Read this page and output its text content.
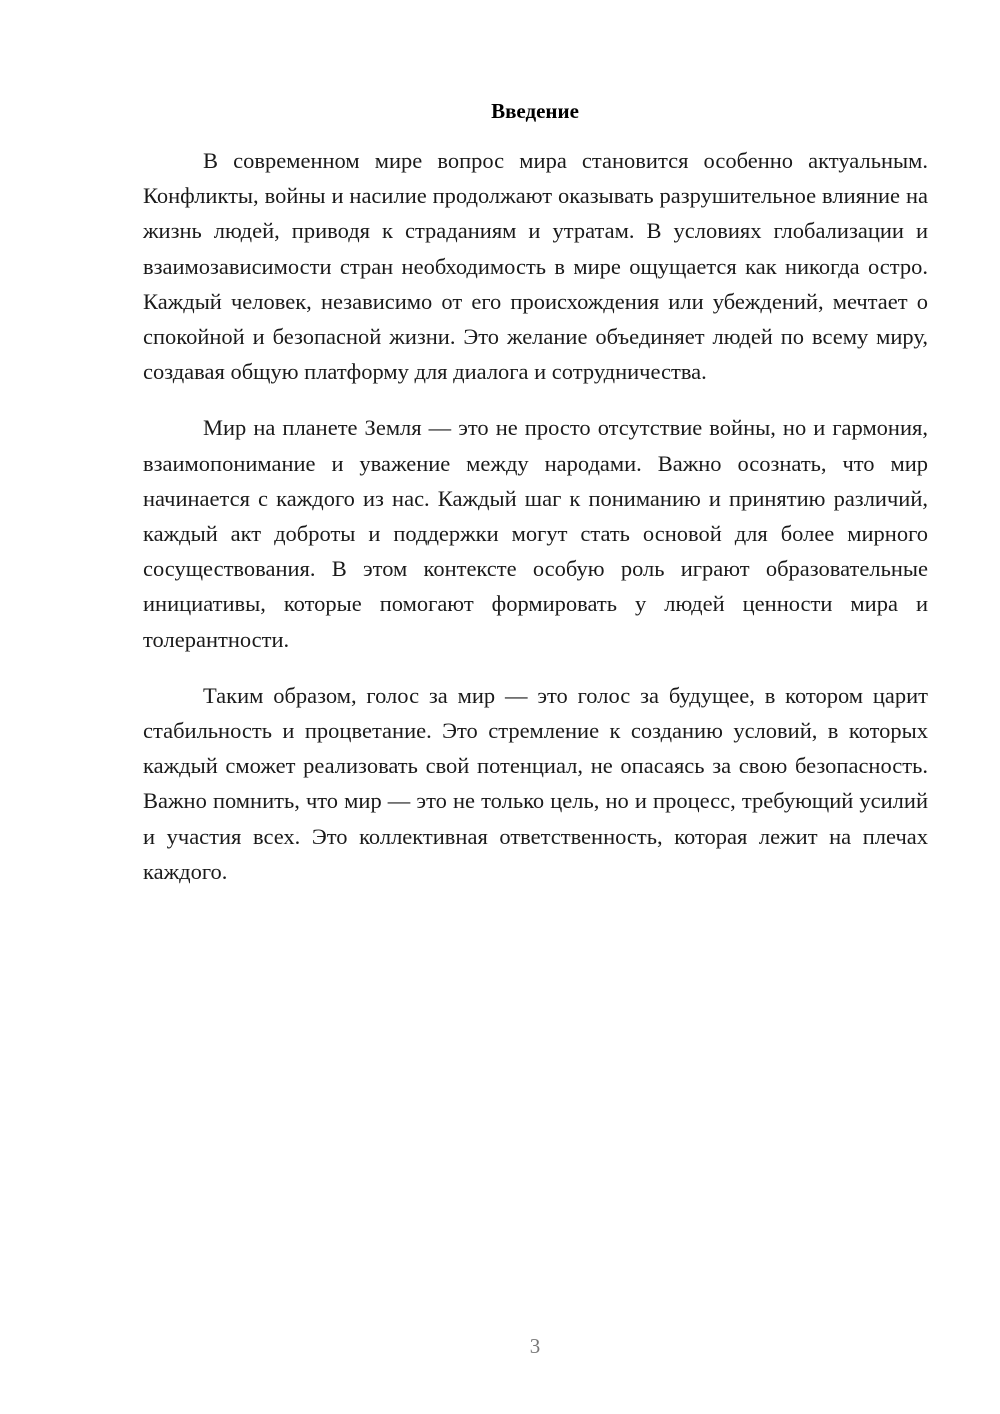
Введение

В современном мире вопрос мира становится особенно актуальным. Конфликты, войны и насилие продолжают оказывать разрушительное влияние на жизнь людей, приводя к страданиям и утратам. В условиях глобализации и взаимозависимости стран необходимость в мире ощущается как никогда остро. Каждый человек, независимо от его происхождения или убеждений, мечтает о спокойной и безопасной жизни. Это желание объединяет людей по всему миру, создавая общую платформу для диалога и сотрудничества.

Мир на планете Земля — это не просто отсутствие войны, но и гармония, взаимопонимание и уважение между народами. Важно осознать, что мир начинается с каждого из нас. Каждый шаг к пониманию и принятию различий, каждый акт доброты и поддержки могут стать основой для более мирного сосуществования. В этом контексте особую роль играют образовательные инициативы, которые помогают формировать у людей ценности мира и толерантности.

Таким образом, голос за мир — это голос за будущее, в котором царит стабильность и процветание. Это стремление к созданию условий, в которых каждый сможет реализовать свой потенциал, не опасаясь за свою безопасность. Важно помнить, что мир — это не только цель, но и процесс, требующий усилий и участия всех. Это коллективная ответственность, которая лежит на плечах каждого.

3
